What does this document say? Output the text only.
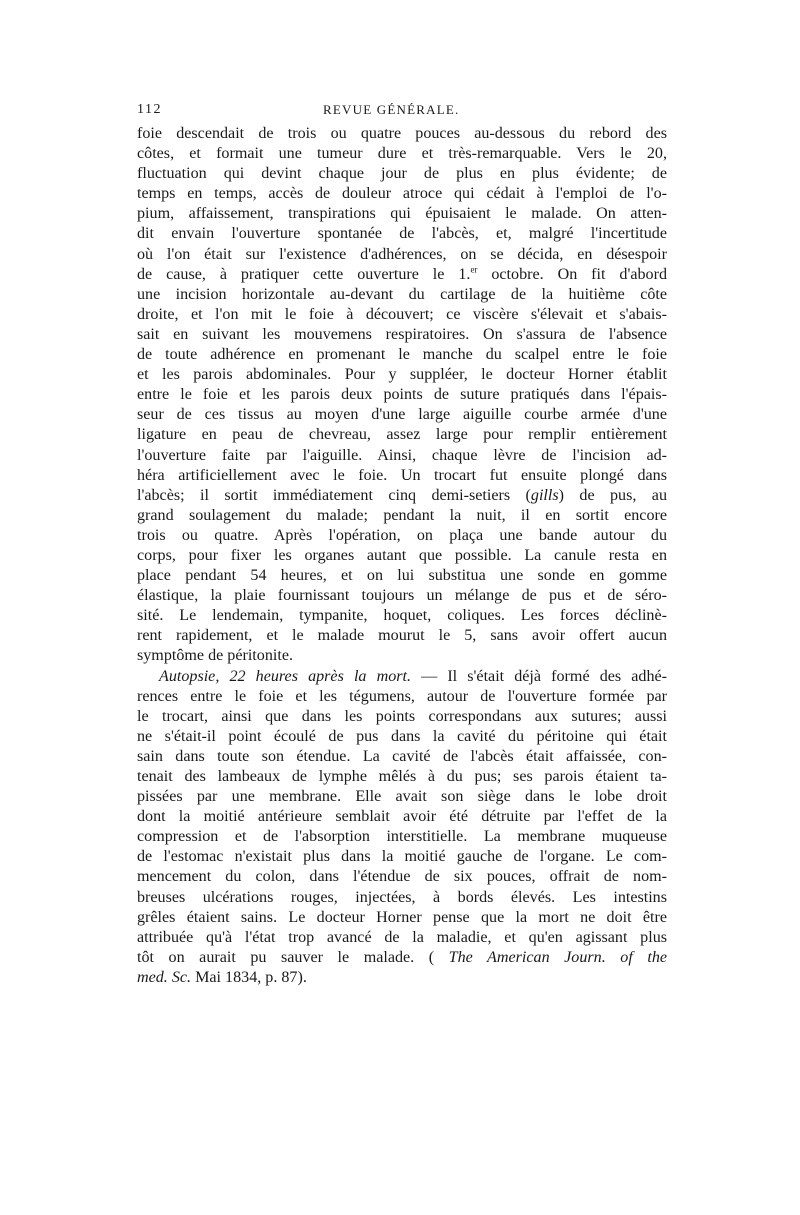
112	REVUE GÉNÉRALE.

foie descendait de trois ou quatre pouces au-dessous du rebord des
côtes, et formait une tumeur dure et très-remarquable. Vers le 20,
fluctuation qui devint chaque jour de plus en plus évidente; de
temps en temps, accès de douleur atroce qui cédait à l'emploi de l'o-
pium, affaissement, transpirations qui épuisaient le malade. On atten-
dit envain l'ouverture spontanée de l'abcès, et, malgré l'incertitude
où l'on était sur l'existence d'adhérences, on se décida, en désespoir
de cause, à pratiquer cette ouverture le 1.$^{er}$ octobre. On fit d'abord
une incision horizontale au-devant du cartilage de la huitième côte
droite, et l'on mit le foie à découvert; ce viscère s'élevait et s'abais-
sait en suivant les mouvemens respiratoires. On s'assura de l'absence
de toute adhérence en promenant le manche du scalpel entre le foie
et les parois abdominales. Pour y suppléer, le docteur Horner établit
entre le foie et les parois deux points de suture pratiqués dans l'épais-
seur de ces tissus au moyen d'une large aiguille courbe armée d'une
ligature en peau de chevreau, assez large pour remplir entièrement
l'ouverture faite par l'aiguille. Ainsi, chaque lèvre de l'incision ad-
héra artificiellement avec le foie. Un trocart fut ensuite plongé dans
l'abcès; il sortit immédiatement cinq demi-setiers (gills) de pus, au
grand soulagement du malade; pendant la nuit, il en sortit encore
trois ou quatre. Après l'opération, on plaça une bande autour du
corps, pour fixer les organes autant que possible. La canule resta en
place pendant 54 heures, et on lui substitua une sonde en gomme
élastique, la plaie fournissant toujours un mélange de pus et de séro-
sité. Le lendemain, tympanite, hoquet, coliques. Les forces déclinè-
rent rapidement, et le malade mourut le 5, sans avoir offert aucun
symptôme de péritonite.

Autopsie, 22 heures après la mort. — Il s'était déjà formé des adhé-
rences entre le foie et les tégumens, autour de l'ouverture formée par
le trocart, ainsi que dans les points correspondans aux sutures; aussi
ne s'était-il point écoulé de pus dans la cavité du péritoine qui était
sain dans toute son étendue. La cavité de l'abcès était affaissée, con-
tenait des lambeaux de lymphe mêlés à du pus; ses parois étaient ta-
pissées par une membrane. Elle avait son siège dans le lobe droit
dont la moitié antérieure semblait avoir été détruite par l'effet de la
compression et de l'absorption interstitielle. La membrane muqueuse
de l'estomac n'existait plus dans la moitié gauche de l'organe. Le com-
mencement du colon, dans l'étendue de six pouces, offrait de nom-
breuses ulcérations rouges, injectées, à bords élevés. Les intestins
grêles étaient sains. Le docteur Horner pense que la mort ne doit être
attribuée qu'à l'état trop avancé de la maladie, et qu'en agissant plus
tôt on aurait pu sauver le malade. ( The American Journ. of the
med. Sc. Mai 1834, p. 87).
